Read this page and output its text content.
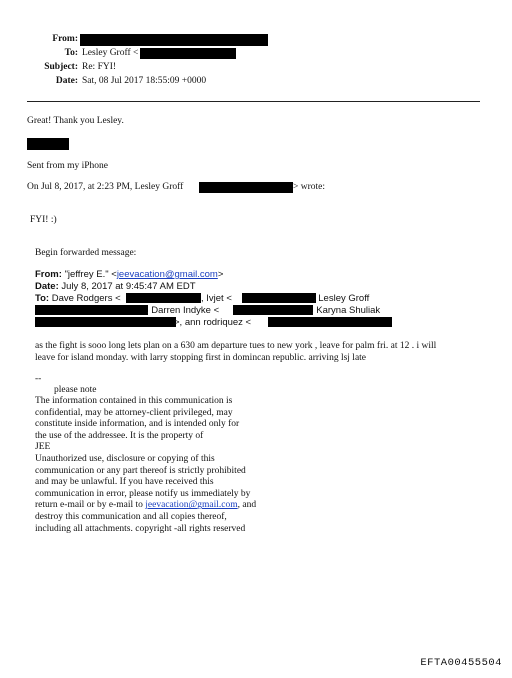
From:
To: Lesley Groff <
Subject: Re: FYI!
Date: Sat, 08 Jul 2017 18:55:09 +0000
Great! Thank you Lesley.
Sent from my iPhone
On Jul 8, 2017, at 2:23 PM, Lesley Groff	> wrote:
FYI! :)
Begin forwarded message:
From: "jeffrey E." <jeevacation@gmail.com>
Date: July 8, 2017 at 9:45:47 AM EDT
To: Dave Rodgers <	, Ivjet <	, Lesley Groff
, Darren Indyke <	, Karyna Shuliak
>, ann rodriquez <
as the fight is sooo long lets plan on a 630 am departure tues to new york , leave for palm fri. at 12 . i will
leave for island monday. with larry stopping first in domincan republic. arriving lsj late
--
please note
The information contained in this communication is
confidential, may be attorney-client privileged, may
constitute inside information, and is intended only for
the use of the addressee. It is the property of
JEE
Unauthorized use, disclosure or copying of this
communication or any part thereof is strictly prohibited
and may be unlawful. If you have received this
communication in error, please notify us immediately by
return e-mail or by e-mail to jeevacation@gmail.com, and
destroy this communication and all copies thereof,
including all attachments. copyright -all rights reserved
EFTA00455504
